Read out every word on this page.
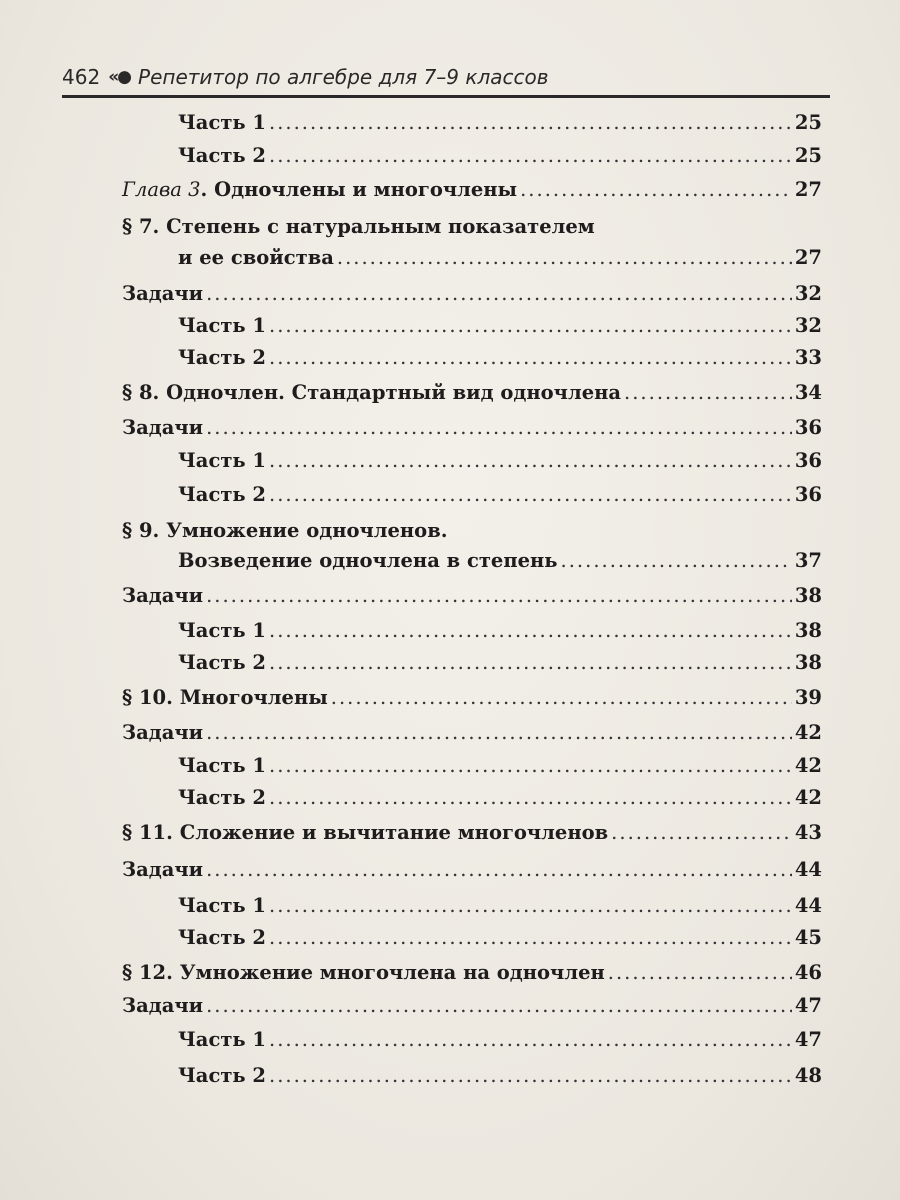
462 «● Репетитор по алгебре для 7–9 классов
Часть 1 .....	25
Часть 2 .....	25
Глава 3. Одночлены и многочлены .....	27
§ 7. Степень с натуральным показателем
и ее свойства .....	27
Задачи .....	32
Часть 1 .....	32
Часть 2 .....	33
§ 8. Одночлен. Стандартный вид одночлена .....	34
Задачи .....	36
Часть 1 .....	36
Часть 2 .....	36
§ 9. Умножение одночленов.
Возведение одночлена в степень .....	37
Задачи .....	38
Часть 1 .....	38
Часть 2 .....	38
§ 10. Многочлены .....	39
Задачи .....	42
Часть 1 .....	42
Часть 2 .....	42
§ 11. Сложение и вычитание многочленов .....	43
Задачи .....	44
Часть 1 .....	44
Часть 2 .....	45
§ 12. Умножение многочлена на одночлен .....	46
Задачи .....	47
Часть 1 .....	47
Часть 2 .....	48
